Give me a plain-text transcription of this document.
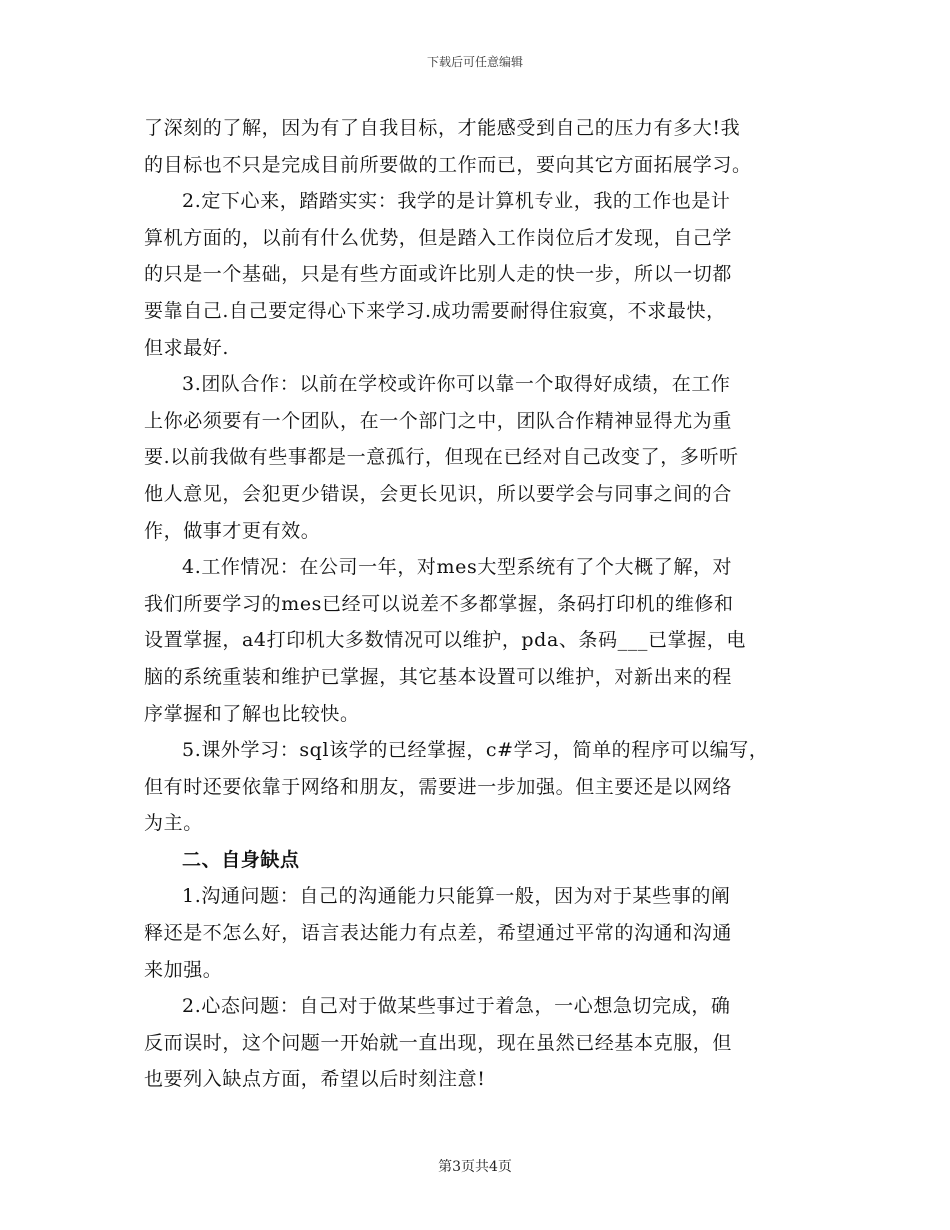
下载后可任意编辑
了深刻的了解，因为有了自我目标，才能感受到自己的压力有多大!我
的目标也不只是完成目前所要做的工作而已，要向其它方面拓展学习。
2.定下心来，踏踏实实：我学的是计算机专业，我的工作也是计
算机方面的，以前有什么优势，但是踏入工作岗位后才发现，自己学
的只是一个基础，只是有些方面或许比别人走的快一步，所以一切都
要靠自己.自己要定得心下来学习.成功需要耐得住寂寞，不求最快，
但求最好.
3.团队合作：以前在学校或许你可以靠一个取得好成绩，在工作
上你必须要有一个团队，在一个部门之中，团队合作精神显得尤为重
要.以前我做有些事都是一意孤行，但现在已经对自己改变了，多听听
他人意见，会犯更少错误，会更长见识，所以要学会与同事之间的合
作，做事才更有效。
4.工作情况：在公司一年，对mes大型系统有了个大概了解，对
我们所要学习的mes已经可以说差不多都掌握，条码打印机的维修和
设置掌握，a4打印机大多数情况可以维护，pda、条码___已掌握，电
脑的系统重装和维护已掌握，其它基本设置可以维护，对新出来的程
序掌握和了解也比较快。
5.课外学习：sql该学的已经掌握，c#学习，简单的程序可以编写，
但有时还要依靠于网络和朋友，需要进一步加强。但主要还是以网络
为主。
二、自身缺点
1.沟通问题：自己的沟通能力只能算一般，因为对于某些事的阐
释还是不怎么好，语言表达能力有点差，希望通过平常的沟通和沟通
来加强。
2.心态问题：自己对于做某些事过于着急，一心想急切完成，确
反而误时，这个问题一开始就一直出现，现在虽然已经基本克服，但
也要列入缺点方面，希望以后时刻注意!
第3页共4页
